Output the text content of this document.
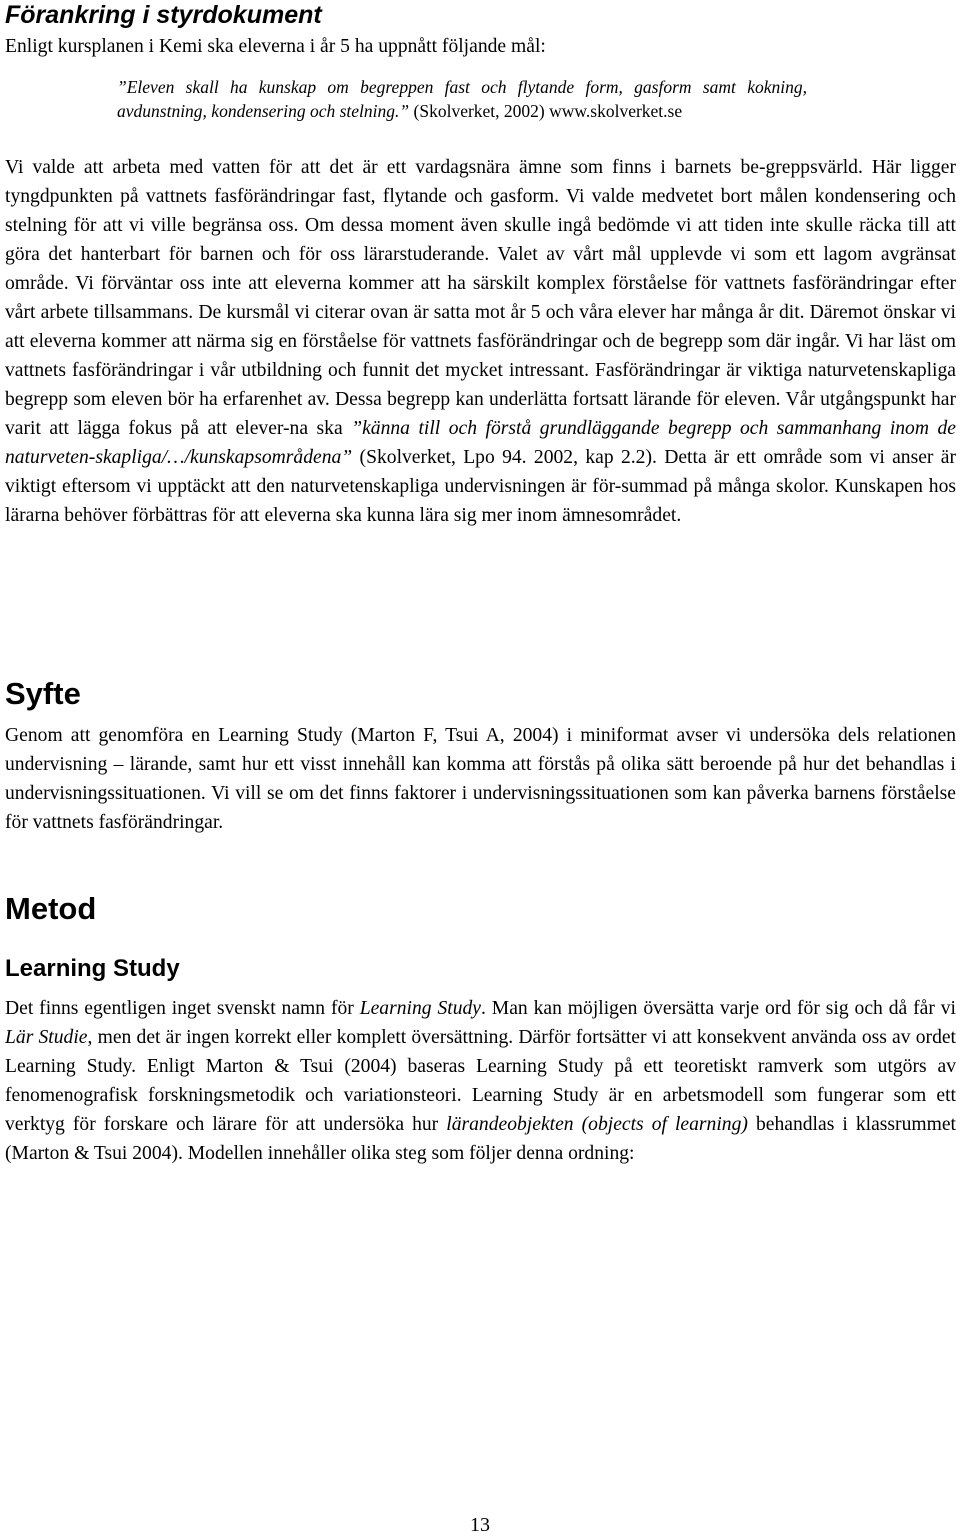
Förankring i styrdokument

Enligt kursplanen i Kemi ska eleverna i år 5 ha uppnått följande mål:

”Eleven skall ha kunskap om begreppen fast och flytande form, gasform samt kokning, avdunstning, kondensering och stelning.” (Skolverket, 2002) www.skolverket.se

Vi valde att arbeta med vatten för att det är ett vardagsnära ämne som finns i barnets be-greppsvärld. Här ligger tyngdpunkten på vattnets fasförändringar fast, flytande och gasform. Vi valde medvetet bort målen kondensering och stelning för att vi ville begränsa oss. Om dessa moment även skulle ingå bedömde vi att tiden inte skulle räcka till att göra det hanterbart för barnen och för oss lärarstuderande. Valet av vårt mål upplevde vi som ett lagom avgränsat område. Vi förväntar oss inte att eleverna kommer att ha särskilt komplex förståelse för vattnets fasförändringar efter vårt arbete tillsammans. De kursmål vi citerar ovan är satta mot år 5 och våra elever har många år dit. Däremot önskar vi att eleverna kommer att närma sig en förståelse för vattnets fasförändringar och de begrepp som där ingår. Vi har läst om vattnets fasförändringar i vår utbildning och funnit det mycket intressant. Fasförändringar är viktiga naturvetenskapliga begrepp som eleven bör ha erfarenhet av. Dessa begrepp kan underlätta fortsatt lärande för eleven. Vår utgångspunkt har varit att lägga fokus på att elever-na ska ”känna till och förstå grundläggande begrepp och sammanhang inom de naturveten-skapliga/…/kunskapsområdena” (Skolverket, Lpo 94. 2002, kap 2.2). Detta är ett område som vi anser är viktigt eftersom vi upptäckt att den naturvetenskapliga undervisningen är för-summad på många skolor. Kunskapen hos lärarna behöver förbättras för att eleverna ska kunna lära sig mer inom ämnesområdet.

Syfte

Genom att genomföra en Learning Study (Marton F, Tsui A, 2004) i miniformat avser vi undersöka dels relationen undervisning – lärande, samt hur ett visst innehåll kan komma att förstås på olika sätt beroende på hur det behandlas i undervisningssituationen. Vi vill se om det finns faktorer i undervisningssituationen som kan påverka barnens förståelse för vattnets fasförändringar.

Metod
Learning Study

Det finns egentligen inget svenskt namn för Learning Study. Man kan möjligen översätta varje ord för sig och då får vi Lär Studie, men det är ingen korrekt eller komplett översättning. Därför fortsätter vi att konsekvent använda oss av ordet Learning Study. Enligt Marton & Tsui (2004) baseras Learning Study på ett teoretiskt ramverk som utgörs av fenomenografisk forskningsmetodik och variationsteori. Learning Study är en arbetsmodell som fungerar som ett verktyg för forskare och lärare för att undersöka hur lärandeobjekten (objects of learning) behandlas i klassrummet (Marton & Tsui 2004). Modellen innehåller olika steg som följer denna ordning:

13
